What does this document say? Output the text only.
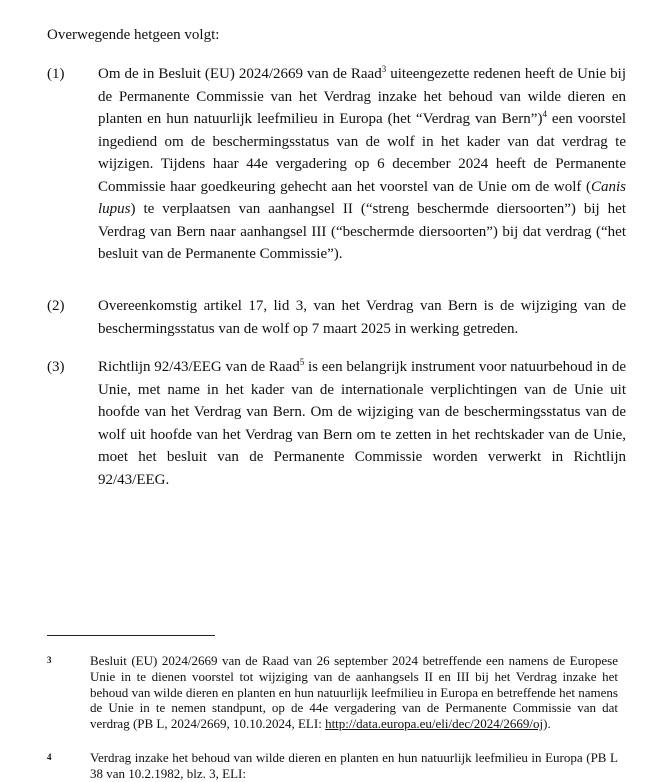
Overwegende hetgeen volgt:
(1) Om de in Besluit (EU) 2024/2669 van de Raad$^3$ uiteengezette redenen heeft de Unie bij de Permanente Commissie van het Verdrag inzake het behoud van wilde dieren en planten en hun natuurlijk leefmilieu in Europa (het “Verdrag van Bern”)$^4$ een voorstel ingediend om de beschermingsstatus van de wolf in het kader van dat verdrag te wijzigen. Tijdens haar 44e vergadering op 6 december 2024 heeft de Permanente Commissie haar goedkeuring gehecht aan het voorstel van de Unie om de wolf (Canis lupus) te verplaatsen van aanhangsel II (“streng beschermde diersoorten”) bij het Verdrag van Bern naar aanhangsel III (“beschermde diersoorten”) bij dat verdrag (“het besluit van de Permanente Commissie”).

(2) Overeenkomstig artikel 17, lid 3, van het Verdrag van Bern is de wijziging van de beschermingsstatus van de wolf op 7 maart 2025 in werking getreden.

(3) Richtlijn 92/43/EEG van de Raad$^5$ is een belangrijk instrument voor natuurbehoud in de Unie, met name in het kader van de internationale verplichtingen van de Unie uit hoofde van het Verdrag van Bern. Om de wijziging van de beschermingsstatus van de wolf uit hoofde van het Verdrag van Bern om te zetten in het rechtskader van de Unie, moet het besluit van de Permanente Commissie worden verwerkt in Richtlijn 92/43/EEG.

3	Besluit (EU) 2024/2669 van de Raad van 26 september 2024 betreffende een namens de Europese Unie in te dienen voorstel tot wijziging van de aanhangsels II en III bij het Verdrag inzake het behoud van wilde dieren en planten en hun natuurlijk leefmilieu in Europa en betreffende het namens de Unie in te nemen standpunt, op de 44e vergadering van de Permanente Commissie van dat verdrag (PB L, 2024/2669, 10.10.2024, ELI: http://data.europa.eu/eli/dec/2024/2669/oj).

4	Verdrag inzake het behoud van wilde dieren en planten en hun natuurlijk leefmilieu in Europa (PB L 38 van 10.2.1982, blz. 3, ELI:
